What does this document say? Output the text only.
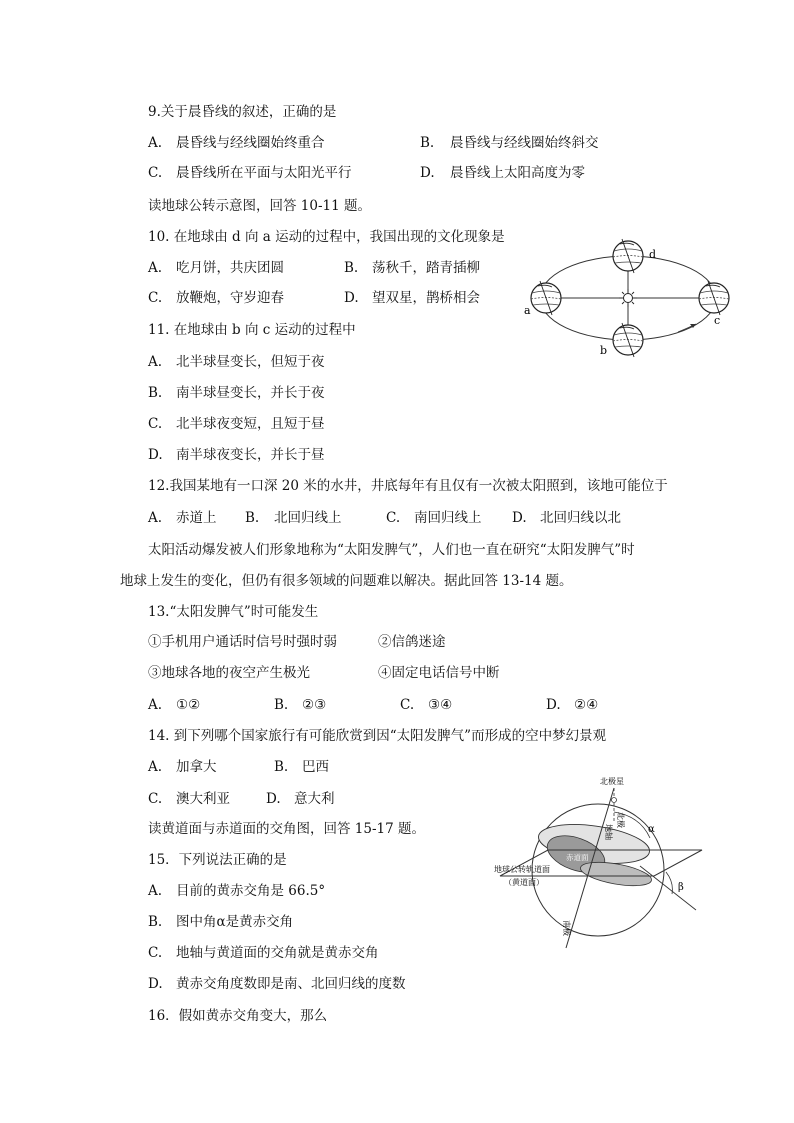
9.关于晨昏线的叙述，正确的是
A. 晨昏线与经线圈始终重合	B. 晨昏线与经线圈始终斜交
C. 晨昏线所在平面与太阳光平行	D. 晨昏线上太阳高度为零
读地球公转示意图，回答 10-11 题。
10. 在地球由 d 向 a 运动的过程中，我国出现的文化现象是
A. 吃月饼，共庆团圆	B. 荡秋千，踏青插柳
C. 放鞭炮，守岁迎春	D. 望双星，鹊桥相会
11. 在地球由 b 向 c 运动的过程中
A. 北半球昼变长，但短于夜
B. 南半球昼变长，并长于夜
C. 北半球夜变短，且短于昼
D. 南半球夜变长，并长于昼
12.我国某地有一口深 20 米的水井，井底每年有且仅有一次被太阳照到，该地可能位于
A. 赤道上 B. 北回归线上	C. 南回归线上 D. 北回归线以北
太阳活动爆发被人们形象地称为“太阳发脾气”，人们也一直在研究“太阳发脾气”时
地球上发生的变化，但仍有很多领域的问题难以解决。据此回答 13-14 题。
13.“太阳发脾气”时可能发生
①手机用户通话时信号时强时弱	②信鸽迷途
③地球各地的夜空产生极光	④固定电话信号中断
A. ①②	B. ②③	C. ③④	D. ②④
14. 到下列哪个国家旅行有可能欣赏到因“太阳发脾气”而形成的空中梦幻景观
A. 加拿大	B. 巴西
C. 澳大利亚	D. 意大利
读黄道面与赤道面的交角图，回答 15-17 题。
15．下列说法正确的是
A. 目前的黄赤交角是 66.5°
B. 图中角α是黄赤交角
C. 地轴与黄道面的交角就是黄赤交角
D. 黄赤交角度数即是南、北回归线的度数
16．假如黄赤交角变大，那么
a
b
c
d
北极星
北极
地轴
赤道面
地球公转轨道面
（黄道面）
南极
α
β
